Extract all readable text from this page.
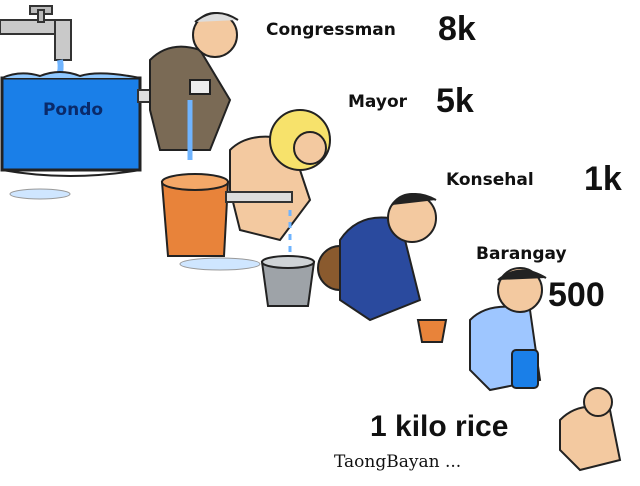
Pondo
Congressman 8k
Mayor 5k
Konsehal 1k
Barangay
500
1 kilo rice
TaongBayan ...
